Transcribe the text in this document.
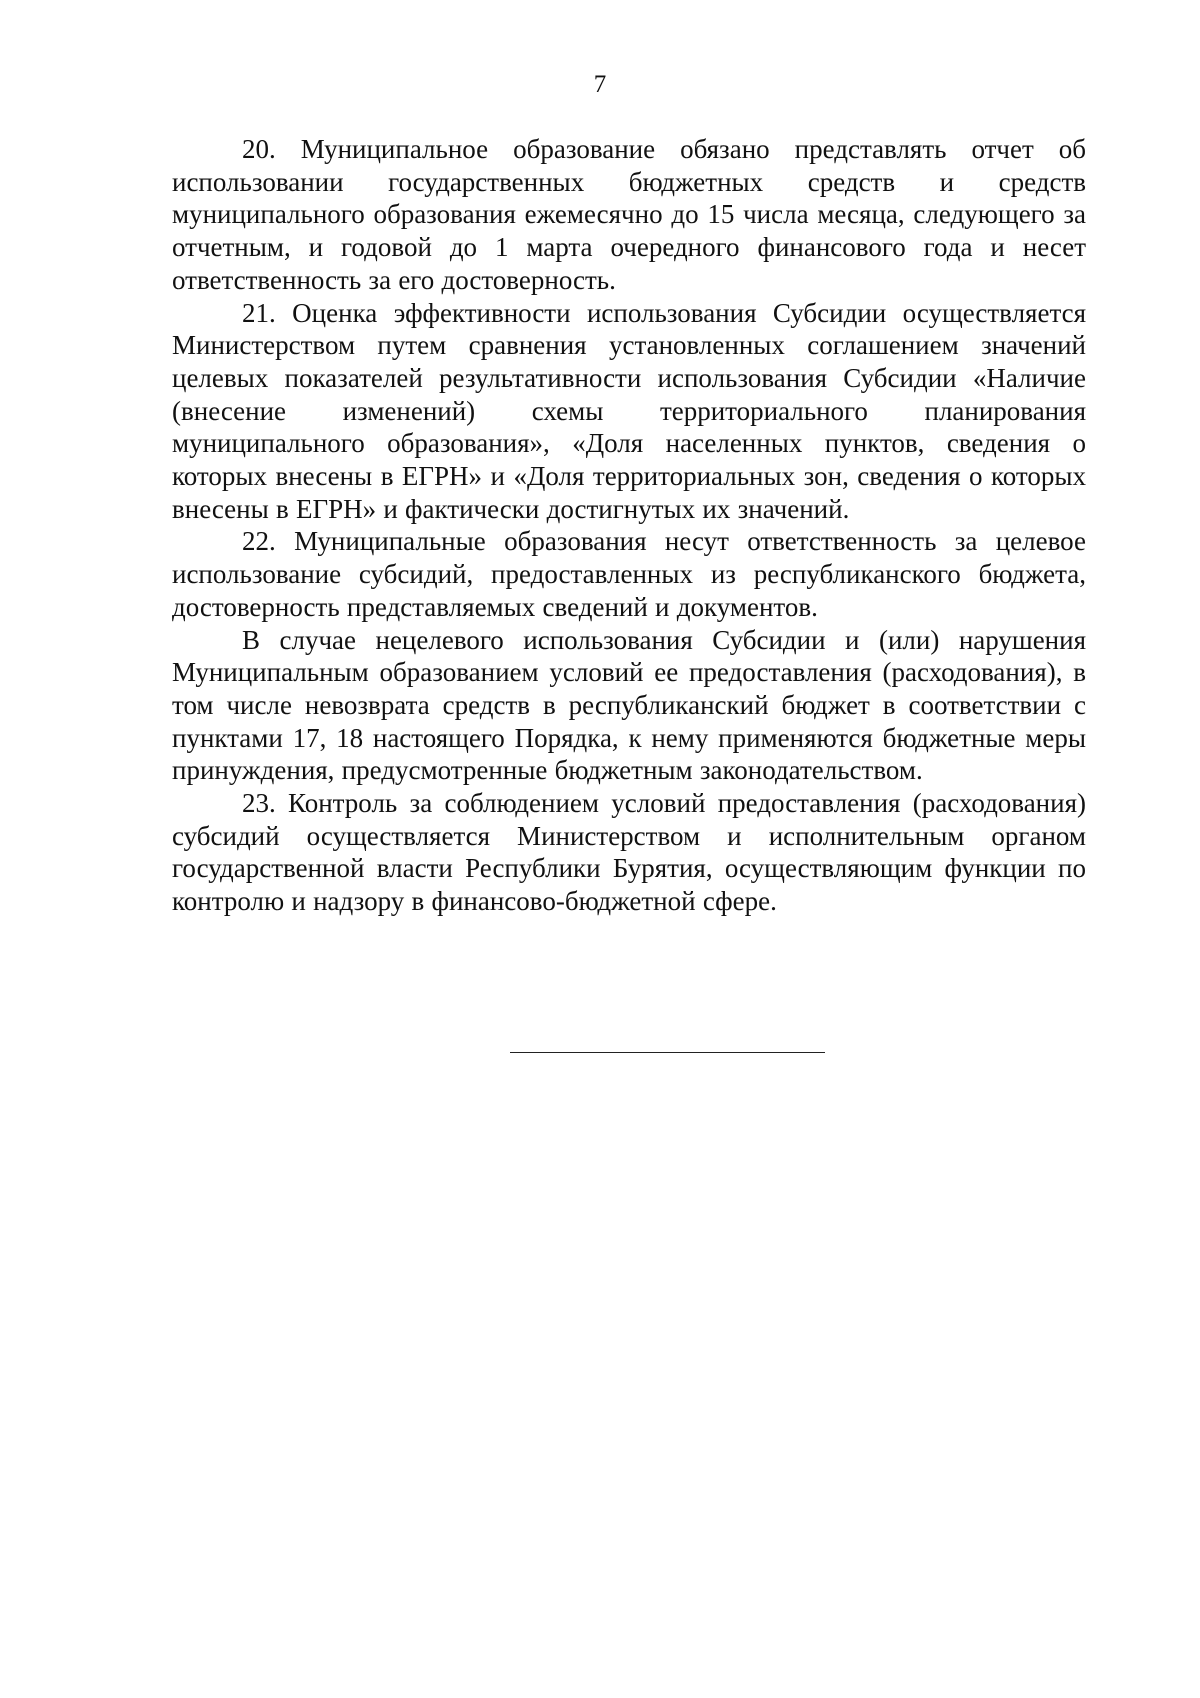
7

20. Муниципальное образование обязано представлять отчет об использовании государственных бюджетных средств и средств муниципального образования ежемесячно до 15 числа месяца, следующего за отчетным, и годовой до 1 марта очередного финансового года и несет ответственность за его достоверность.

21. Оценка эффективности использования Субсидии осуществляется Министерством путем сравнения установленных соглашением значений целевых показателей результативности использования Субсидии «Наличие (внесение изменений) схемы территориального планирования муниципального образования», «Доля населенных пунктов, сведения о которых внесены в ЕГРН» и «Доля территориальных зон, сведения о которых внесены в ЕГРН» и фактически достигнутых их значений.

22. Муниципальные образования несут ответственность за целевое использование субсидий, предоставленных из республиканского бюджета, достоверность представляемых сведений и документов.

В случае нецелевого использования Субсидии и (или) нарушения Муниципальным образованием условий ее предоставления (расходования), в том числе невозврата средств в республиканский бюджет в соответствии с пунктами 17, 18 настоящего Порядка, к нему применяются бюджетные меры принуждения, предусмотренные бюджетным законодательством.

23. Контроль за соблюдением условий предоставления (расходования) субсидий осуществляется Министерством и исполнительным органом государственной власти Республики Бурятия, осуществляющим функции по контролю и надзору в финансово-бюджетной сфере.
